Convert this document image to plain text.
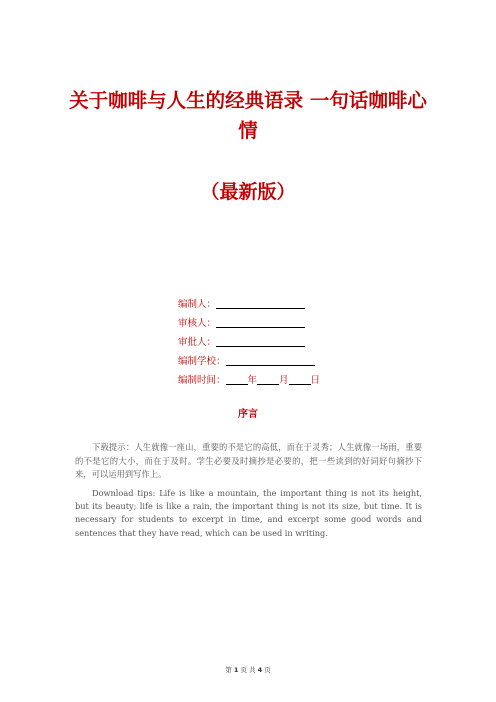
关于咖啡与人生的经典语录 一句话咖啡心
情
（最新版）
编制人：
审核人：
审批人：
编制学校：
编制时间： 年 月 日
序言
下载提示：人生就像一座山，重要的不是它的高低，而在于灵秀；人生就像一场雨，重要的不是它的大小，而在于及时。学生必要及时摘抄是必要的，把一些读到的好词好句摘抄下来，可以运用到写作上。
Download tips: Life is like a mountain, the important thing is not its height, but its beauty; life is like a rain, the important thing is not its size, but time. It is necessary for students to excerpt in time, and excerpt some good words and sentences that they have read, which can be used in writing.
第 1 页 共 4 页
